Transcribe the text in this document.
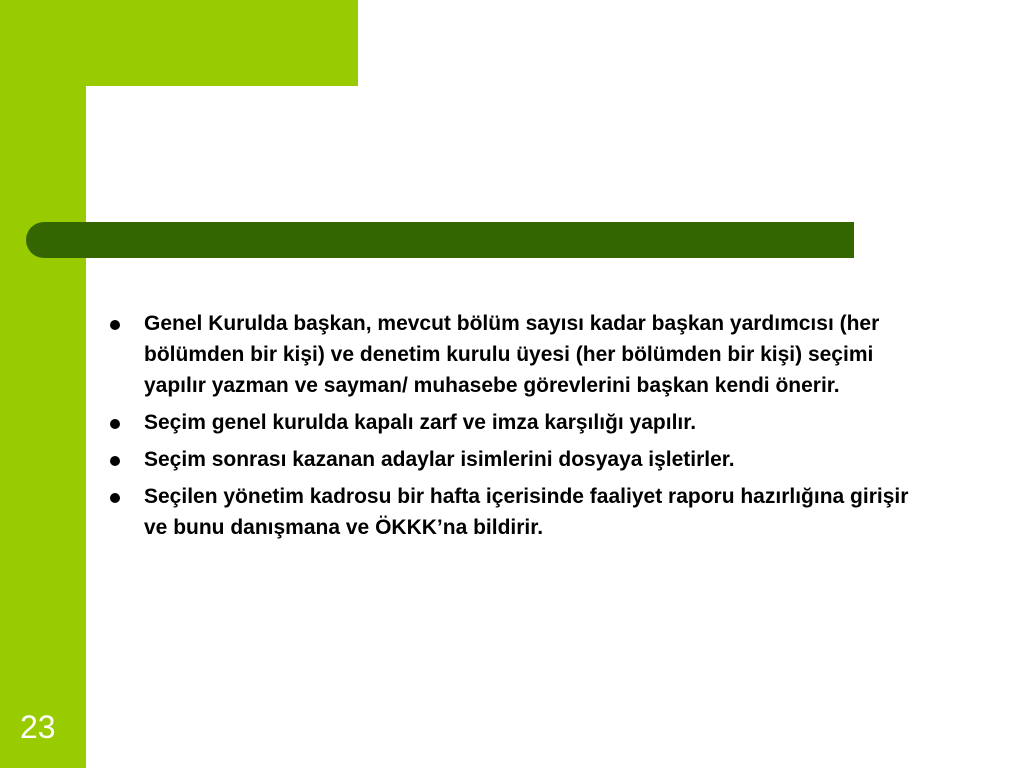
Genel Kurulda başkan, mevcut bölüm sayısı kadar başkan yardımcısı (her bölümden bir kişi) ve denetim kurulu üyesi (her bölümden bir kişi) seçimi yapılır yazman ve sayman/ muhasebe görevlerini başkan kendi önerir.
Seçim genel kurulda kapalı zarf ve imza karşılığı yapılır.
Seçim sonrası kazanan adaylar isimlerini dosyaya işletirler.
Seçilen yönetim kadrosu bir hafta içerisinde faaliyet raporu hazırlığına girişir ve bunu danışmana ve ÖKKK’na bildirir.
23
